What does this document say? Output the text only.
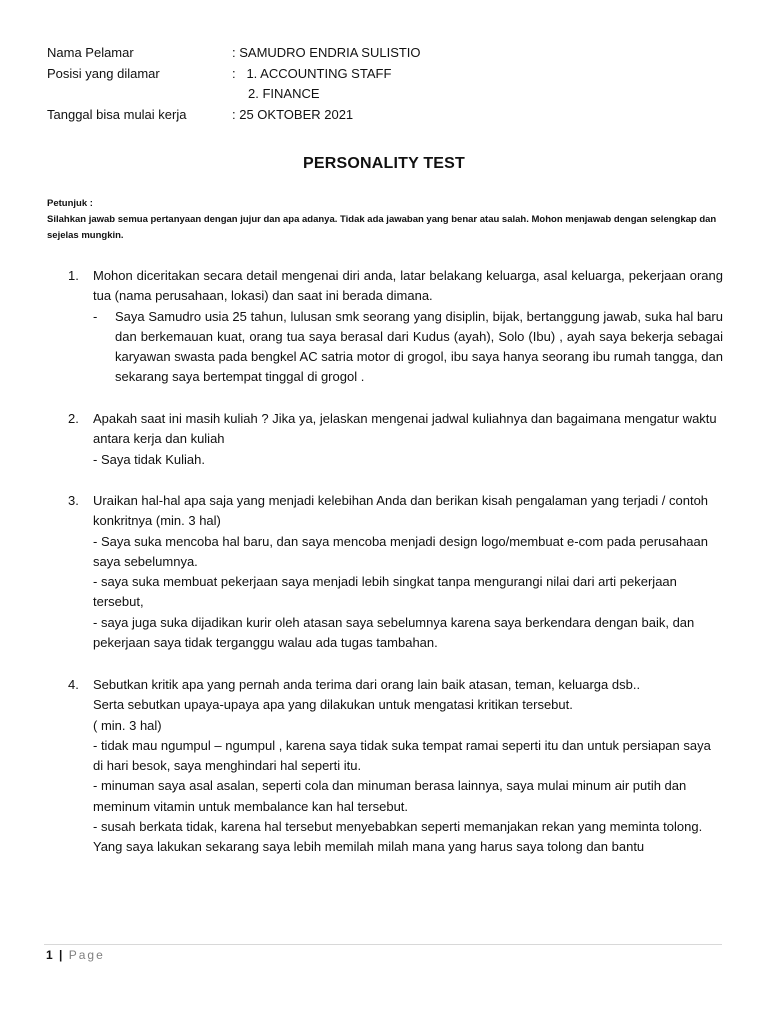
Nama Pelamar	: SAMUDRO ENDRIA SULISTIO
Posisi yang dilamar	:   1. ACCOUNTING STAFF
2. FINANCE
Tanggal bisa mulai kerja	: 25 OKTOBER 2021
PERSONALITY TEST

Petunjuk :

Silahkan jawab semua pertanyaan dengan jujur dan apa adanya. Tidak ada jawaban yang benar atau salah. Mohon menjawab dengan selengkap dan sejelas mungkin.

1. Mohon diceritakan secara detail mengenai diri anda, latar belakang keluarga, asal keluarga, pekerjaan orang tua (nama perusahaan, lokasi) dan saat ini berada dimana.

- Saya Samudro usia 25 tahun, lulusan smk seorang yang disiplin, bijak, bertanggung jawab, suka hal baru dan berkemauan kuat, orang tua saya berasal dari Kudus (ayah), Solo (Ibu) , ayah saya bekerja sebagai karyawan swasta pada bengkel AC satria motor di grogol, ibu saya hanya seorang ibu rumah tangga, dan sekarang saya bertempat tinggal di grogol .
2. Apakah saat ini masih kuliah ? Jika ya, jelaskan mengenai jadwal kuliahnya dan bagaimana mengatur waktu antara kerja dan kuliah

- Saya tidak Kuliah.

3. Uraikan hal-hal apa saja yang menjadi kelebihan Anda dan berikan kisah pengalaman yang terjadi / contoh konkritnya (min. 3 hal)

- Saya suka mencoba hal baru, dan saya mencoba menjadi design logo/membuat e-com pada perusahaan saya sebelumnya.

- saya suka membuat pekerjaan saya menjadi lebih singkat tanpa mengurangi nilai dari arti pekerjaan tersebut,

- saya juga suka dijadikan kurir oleh atasan saya sebelumnya karena saya berkendara dengan baik, dan pekerjaan saya tidak terganggu walau ada tugas tambahan.

4. Sebutkan kritik apa yang pernah anda terima dari orang lain baik atasan, teman, keluarga dsb..

Serta sebutkan upaya-upaya apa yang dilakukan untuk mengatasi kritikan tersebut.

( min. 3 hal)

- tidak mau ngumpul – ngumpul , karena saya tidak suka tempat ramai seperti itu dan untuk persiapan saya di hari besok, saya menghindari hal seperti itu.

- minuman saya asal asalan, seperti cola dan minuman berasa lainnya, saya mulai minum air putih dan meminum vitamin untuk membalance kan hal tersebut.

- susah berkata tidak, karena hal tersebut menyebabkan seperti memanjakan rekan yang meminta tolong. Yang saya lakukan sekarang saya lebih memilah milah mana yang harus saya tolong dan bantu

1 | Page
